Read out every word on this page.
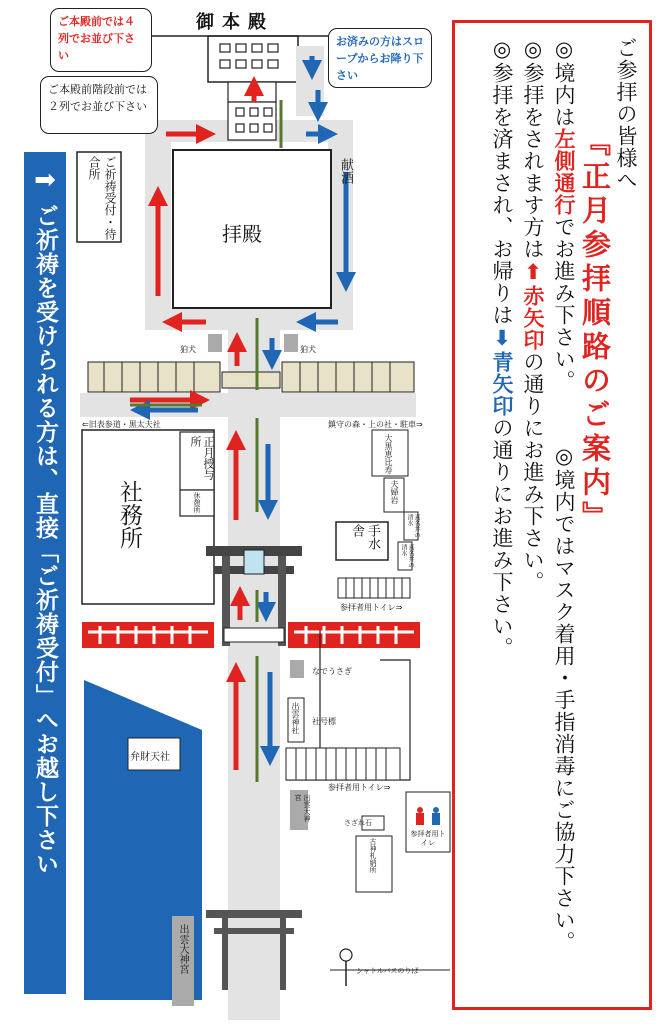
御本殿
拝殿
献酒
ご祈祷受付・待合所
社務所
正月授与所
休憩所
手水舎
狛犬	狛犬
⇐旧表参道・黒太夫社	鎮守の森・上の社・駐車⇒
大黒恵比寿
夫婦岩
真名井の清水
真名井の清水
参拝者用トイレ⇒
なでうさぎ
出雲神社 社号標
参拝者用トイレ⇒
出雲大神宮
さざれ石
古神札納所
参拝者用トイレ
弁財天社
出雲大神宮	シャトルバスのりば
ご本殿前では４列でお並び下さい
ご本殿前階段前では２列でお並び下さい
お済みの方はスロープからお降り下さい
➡
ご祈祷を受けられる方は、直接「ご祈祷受付」へお越し下さい
ご参拝の皆様へ
『正月参拝順路のご案内』
◎境内は左側通行でお進み下さい。◎境内ではマスク着用・手指消毒にご協力下さい。
◎参拝をされます方は⬆赤矢印の通りにお進み下さい。
◎参拝を済まされ、お帰りは⬇青矢印の通りにお進み下さい。
